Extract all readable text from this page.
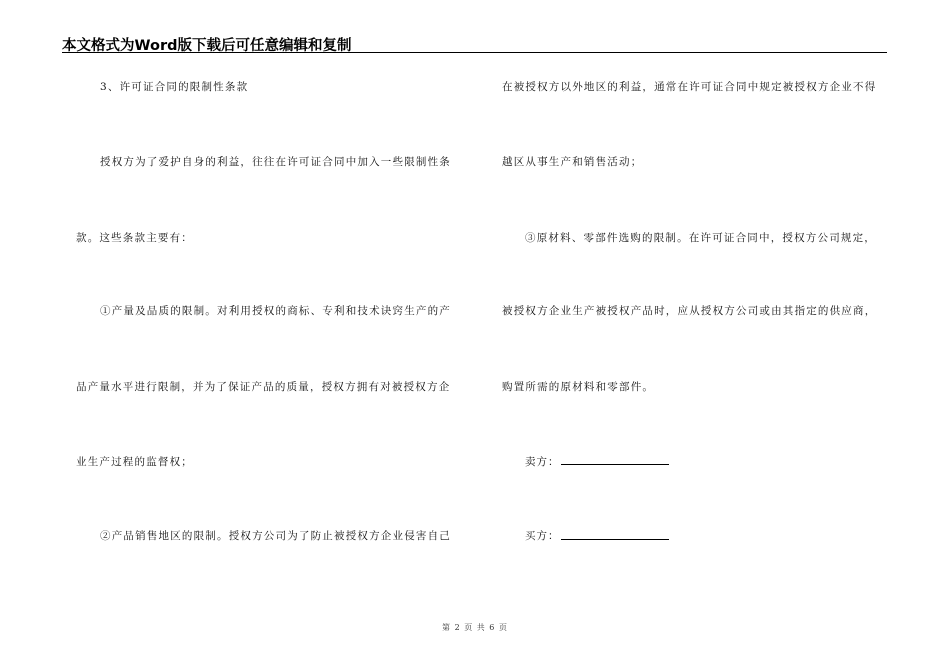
本文格式为Word版下载后可任意编辑和复制
3、许可证合同的限制性条款
授权方为了爱护自身的利益，往往在许可证合同中加入一些限制性条
款。这些条款主要有：
①产量及品质的限制。对利用授权的商标、专利和技术诀窍生产的产
品产量水平进行限制，并为了保证产品的质量，授权方拥有对被授权方企
业生产过程的监督权；
②产品销售地区的限制。授权方公司为了防止被授权方企业侵害自己
在被授权方以外地区的利益，通常在许可证合同中规定被授权方企业不得
越区从事生产和销售活动；
③原材料、零部件选购的限制。在许可证合同中，授权方公司规定，
被授权方企业生产被授权产品时，应从授权方公司或由其指定的供应商，
购置所需的原材料和零部件。
卖方：
买方：
第 2 页 共 6 页
